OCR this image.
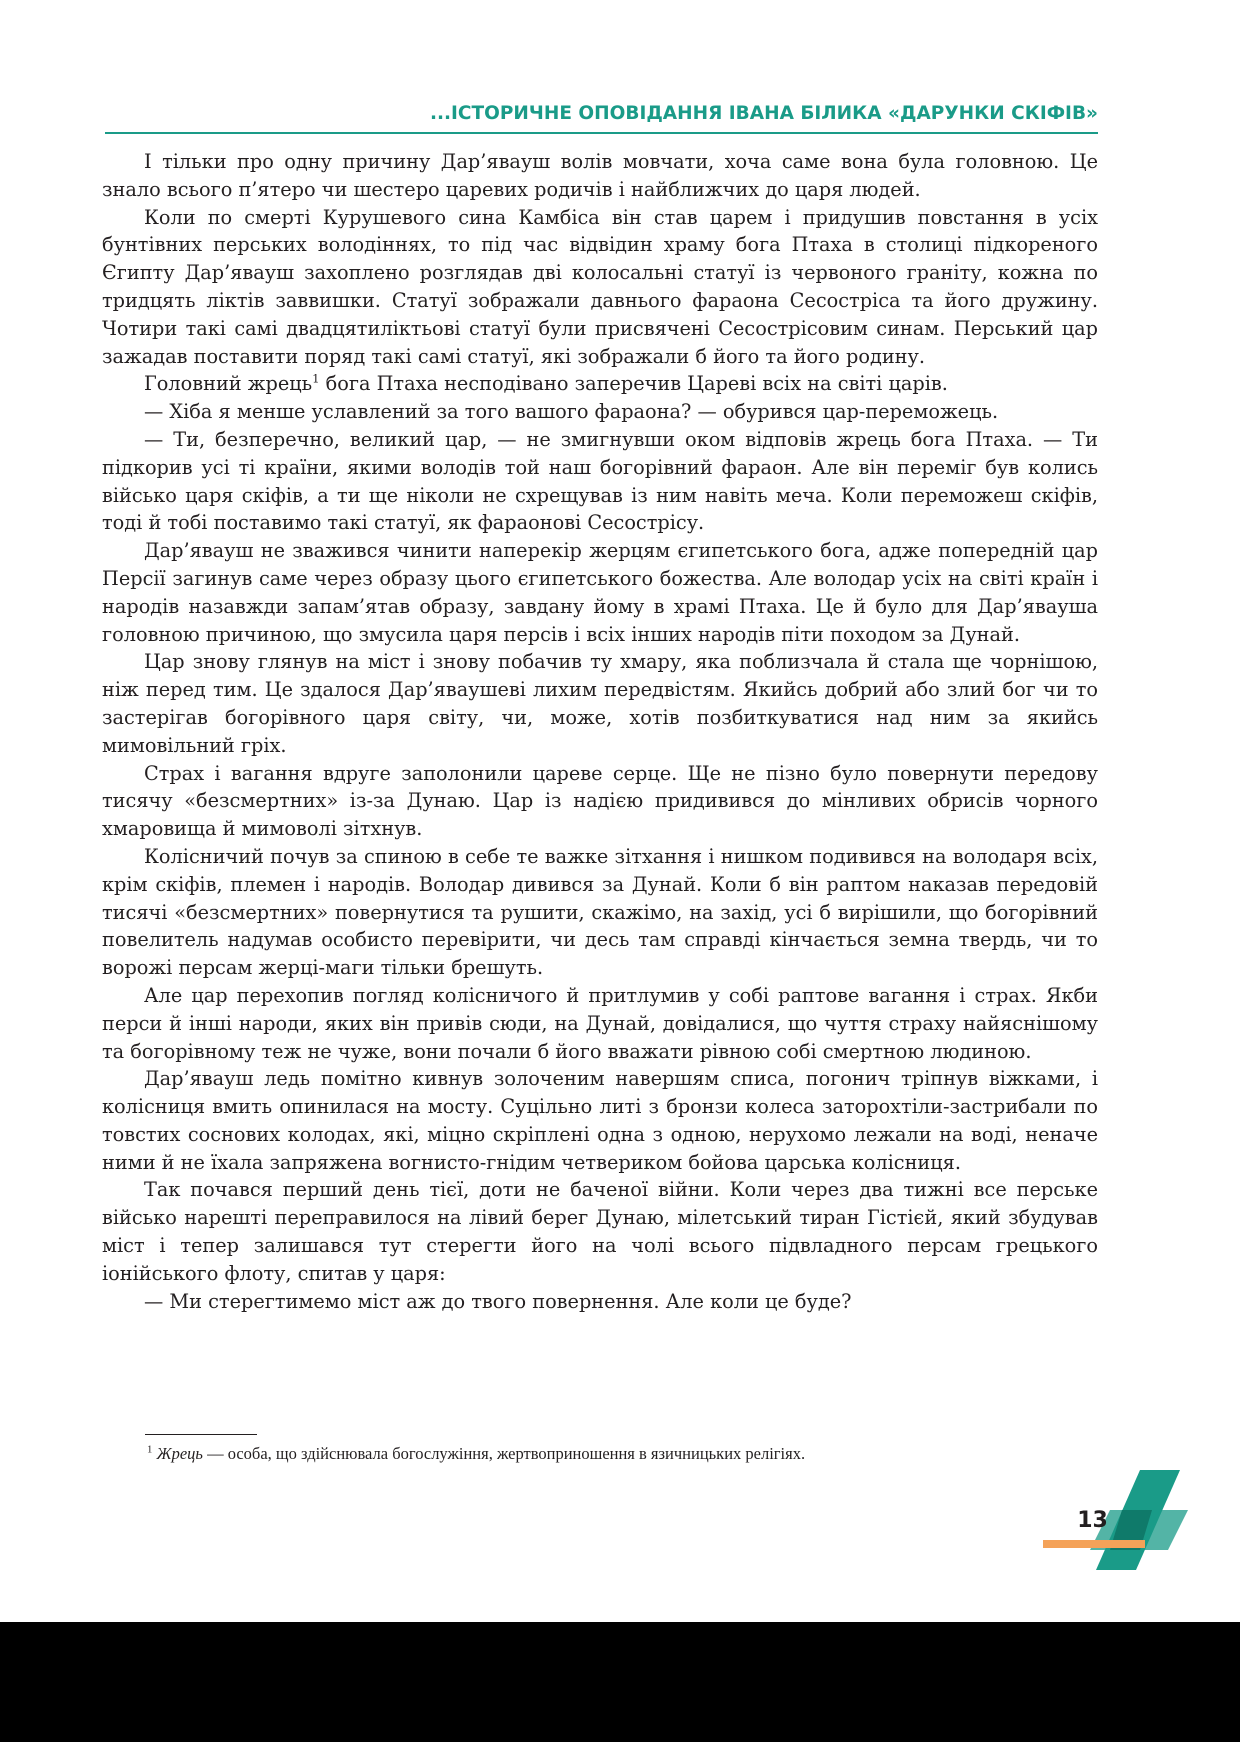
...ІСТОРИЧНЕ ОПОВІДАННЯ ІВАНА БІЛИКА «ДАРУНКИ СКІФІВ»

І тільки про одну причину Дар’явауш волів мовчати, хоча саме вона була головною. Це знало всього п’ятеро чи шестеро царевих родичів і найближчих до царя людей.

Коли по смерті Курушевого сина Камбіса він став царем і придушив повстання в усіх бунтівних перських володіннях, то під час відвідин храму бога Птаха в столиці підкореного Єгипту Дар’явауш захоплено розглядав дві колосальні статуї із червоного граніту, кожна по тридцять ліктів заввишки. Статуї зображали давнього фараона Сесостріса та його дружину. Чотири такі самі двадцятиліктьові статуї були присвячені Сесострісовим синам. Перський цар зажадав поставити поряд такі самі статуї, які зображали б його та його родину.

Головний жрець$^1$ бога Птаха несподівано заперечив Цареві всіх на світі царів.

— Хіба я менше уславлений за того вашого фараона? — обурився цар-переможець.

— Ти, безперечно, великий цар, — не змигнувши оком відповів жрець бога Птаха. — Ти підкорив усі ті країни, якими володів той наш богорівний фараон. Але він переміг був колись військо царя скіфів, а ти ще ніколи не схрещував із ним навіть меча. Коли переможеш скіфів, тоді й тобі поставимо такі статуї, як фараонові Сесострісу.

Дар’явауш не зважився чинити наперекір жерцям єгипетського бога, адже попередній цар Персії загинув саме через образу цього єгипетського божества. Але володар усіх на світі країн і народів назавжди запам’ятав образу, завдану йому в храмі Птаха. Це й було для Дар’явауша головною причиною, що змусила царя персів і всіх інших народів піти походом за Дунай.

Цар знову глянув на міст і знову побачив ту хмару, яка поблизчала й стала ще чорнішою, ніж перед тим. Це здалося Дар’явaушеві лихим передвістям. Якийсь добрий або злий бог чи то застерігав богорівного царя світу, чи, може, хотів позбиткуватися над ним за якийсь мимовільний гріх.

Страх і вагання вдруге заполонили цареве серце. Ще не пізно було повернути передову тисячу «безсмертних» із-за Дунаю. Цар із надією придивився до мінливих обрисів чорного хмаровища й мимоволі зітхнув.

Колісничий почув за спиною в себе те важке зітхання і нишком подивився на володаря всіх, крім скіфів, племен і народів. Володар дивився за Дунай. Коли б він раптом наказав передовій тисячі «безсмертних» повернутися та рушити, скажімо, на захід, усі б вирішили, що богорівний повелитель надумав особисто перевірити, чи десь там справді кінчається земна твердь, чи то ворожі персам жерці-маги тільки брешуть.

Але цар перехопив погляд колісничого й притлумив у собі раптове вагання і страх. Якби перси й інші народи, яких він привів сюди, на Дунай, довідалися, що чуття страху найяснішому та богорівному теж не чуже, вони почали б його вважати рівною собі смертною людиною.

Дар’явауш ледь помітно кивнув золоченим навершям списа, погонич тріпнув віжками, і колісниця вмить опинилася на мосту. Суцільно литі з бронзи колеса заторохтіли-застрибали по товстих соснових колодах, які, міцно скріплені одна з одною, нерухомо лежали на воді, неначе ними й не їхала запряжена вогнисто-гнідим четвериком бойова царська колісниця.

Так почався перший день тієї, доти не баченої війни. Коли через два тижні все перське військо нарешті переправилося на лівий берег Дунаю, мілетський тиран Гістієй, який збудував міст і тепер залишався тут стерегти його на чолі всього підвладного персам грецького іонійського флоту, спитав у царя:

— Ми стерегтимемо міст аж до твого повернення. Але коли це буде?

$^1$ Жрець — особа, що здійснювала богослужіння, жертвоприношення в язичницьких релігіях.
13
